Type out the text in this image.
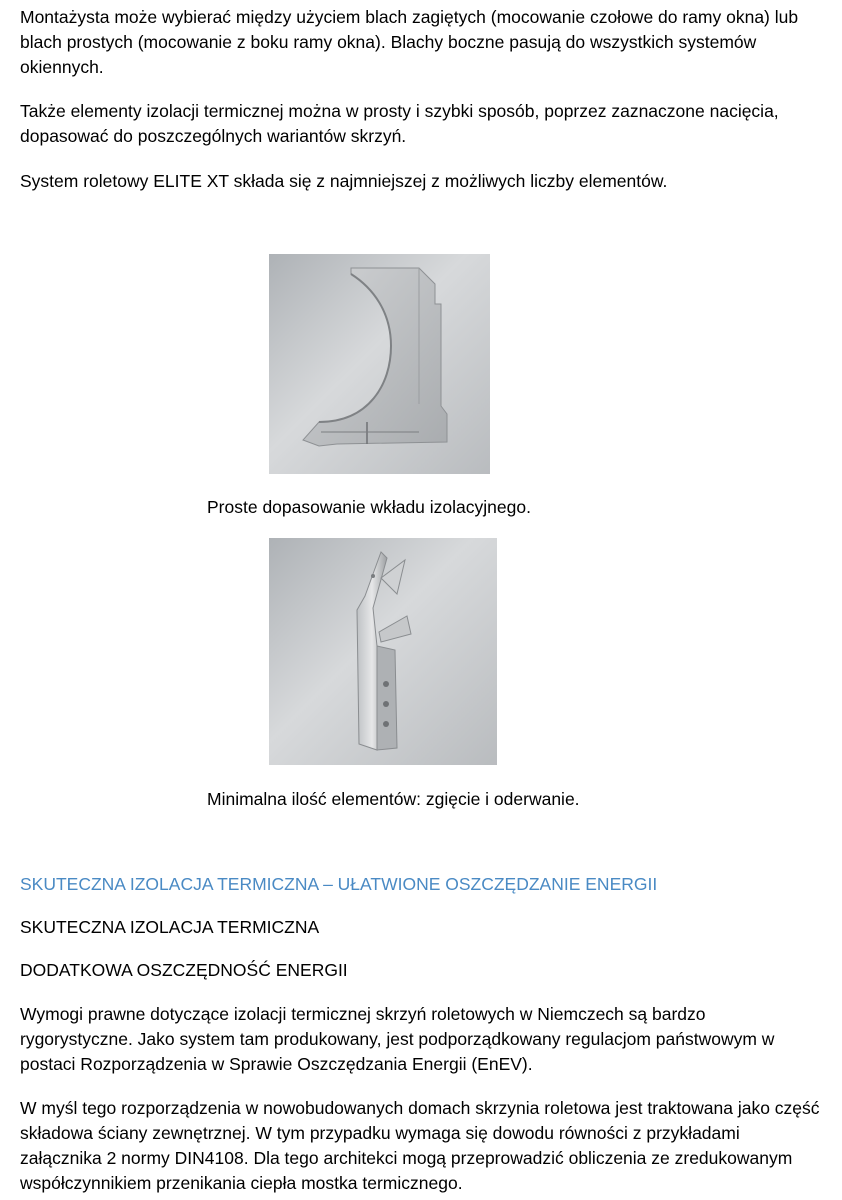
Montażysta może wybierać między użyciem blach zagiętych (mocowanie czołowe do ramy okna) lub blach prostych (mocowanie z boku ramy okna). Blachy boczne pasują do wszystkich systemów okiennych.

Także elementy izolacji termicznej można w prosty i szybki sposób, poprzez zaznaczone nacięcia, dopasować do poszczególnych wariantów skrzyń.

System roletowy ELITE XT składa się z najmniejszej z możliwych liczby elementów.

Proste dopasowanie wkładu izolacyjnego.

Minimalna ilość elementów: zgięcie i oderwanie.

SKUTECZNA IZOLACJA TERMICZNA – UŁATWIONE OSZCZĘDZANIE ENERGII

SKUTECZNA IZOLACJA TERMICZNA

DODATKOWA OSZCZĘDNOŚĆ ENERGII

Wymogi prawne dotyczące izolacji termicznej skrzyń roletowych w Niemczech są bardzo rygorystyczne. Jako system tam produkowany, jest podporządkowany regulacjom państwowym w postaci Rozporządzenia w Sprawie Oszczędzania Energii (EnEV).

W myśl tego rozporządzenia w nowobudowanych domach skrzynia roletowa jest traktowana jako część składowa ściany zewnętrznej. W tym przypadku wymaga się dowodu równości z przykładami załącznika 2 normy DIN4108. Dla tego architekci mogą przeprowadzić obliczenia ze zredukowanym współczynnikiem przenikania ciepła mostka termicznego.
